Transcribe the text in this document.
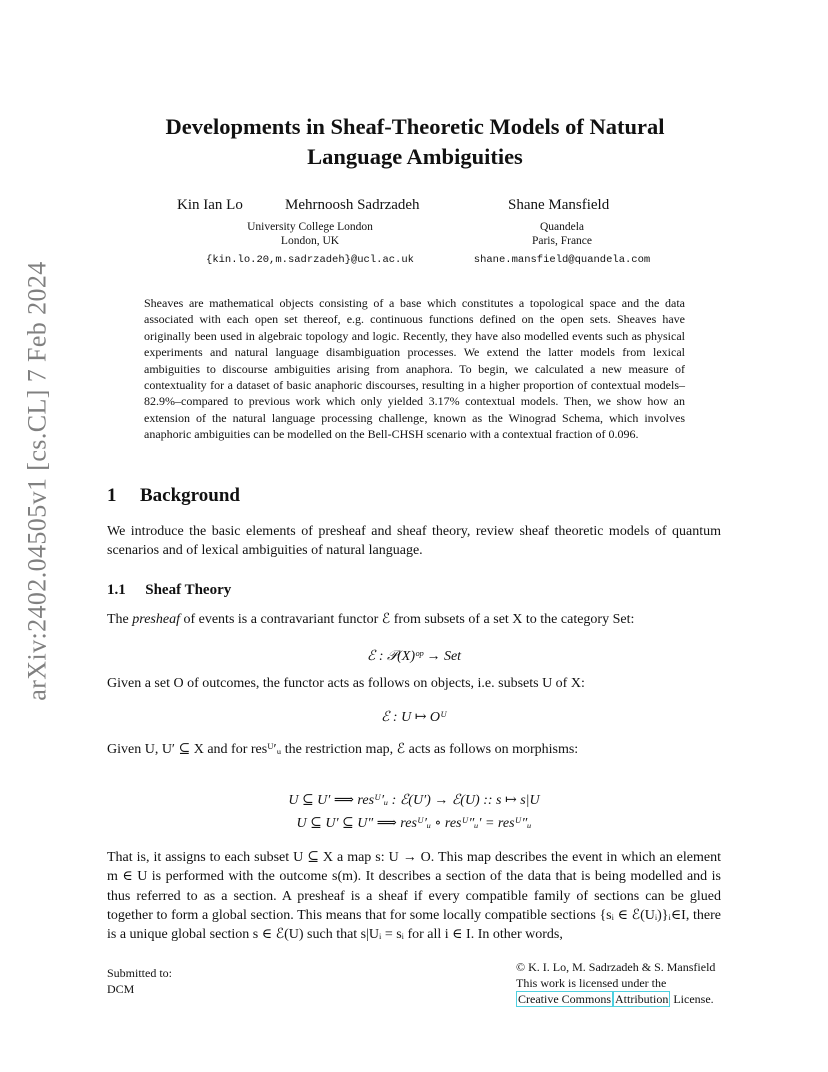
arXiv:2402.04505v1 [cs.CL] 7 Feb 2024
Developments in Sheaf-Theoretic Models of Natural
Language Ambiguities
Kin Ian Lo	Mehrnoosh Sadrzadeh	Shane Mansfield
University College London
London, UK
{kin.lo.20,m.sadrzadeh}@ucl.ac.uk
Quandela
Paris, France
shane.mansfield@quandela.com

Sheaves are mathematical objects consisting of a base which constitutes a topological space and the data associated with each open set thereof, e.g. continuous functions defined on the open sets. Sheaves have originally been used in algebraic topology and logic. Recently, they have also modelled events such as physical experiments and natural language disambiguation processes. We extend the latter models from lexical ambiguities to discourse ambiguities arising from anaphora. To begin, we calculated a new measure of contextuality for a dataset of basic anaphoric discourses, resulting in a higher proportion of contextual models–82.9%–compared to previous work which only yielded 3.17% contextual models. Then, we show how an extension of the natural language processing challenge, known as the Winograd Schema, which involves anaphoric ambiguities can be modelled on the Bell-CHSH scenario with a contextual fraction of 0.096.

1 Background

We introduce the basic elements of presheaf and sheaf theory, review sheaf theoretic models of quantum scenarios and of lexical ambiguities of natural language.

1.1 Sheaf Theory

The presheaf of events is a contravariant functor ℰ from subsets of a set X to the category Set:

ℰ : 𝒫(X)ᵒᵖ → Set

Given a set O of outcomes, the functor acts as follows on objects, i.e. subsets U of X:

ℰ : U ↦ Oᵁ

Given U, U′ ⊆ X and for resᵁ′ᵤ the restriction map, ℰ acts as follows on morphisms:

U ⊆ U′ ⟹ resᵁ′ᵤ : ℰ(U′) → ℰ(U) :: s ↦ s|U
U ⊆ U′ ⊆ U″ ⟹ resᵁ′ᵤ ∘ resᵁ″ᵤ′ = resᵁ″ᵤ

That is, it assigns to each subset U ⊆ X a map s: U → O. This map describes the event in which an element m ∈ U is performed with the outcome s(m). It describes a section of the data that is being modelled and is thus referred to as a section. A presheaf is a sheaf if every compatible family of sections can be glued together to form a global section. This means that for some locally compatible sections {sᵢ ∈ ℰ(Uᵢ)}ᵢ∈I, there is a unique global section s ∈ ℰ(U) such that s|Uᵢ = sᵢ for all i ∈ I. In other words,

Submitted to:
DCM
© K. I. Lo, M. Sadrzadeh & S. Mansfield
This work is licensed under the
Creative Commons Attribution License.
